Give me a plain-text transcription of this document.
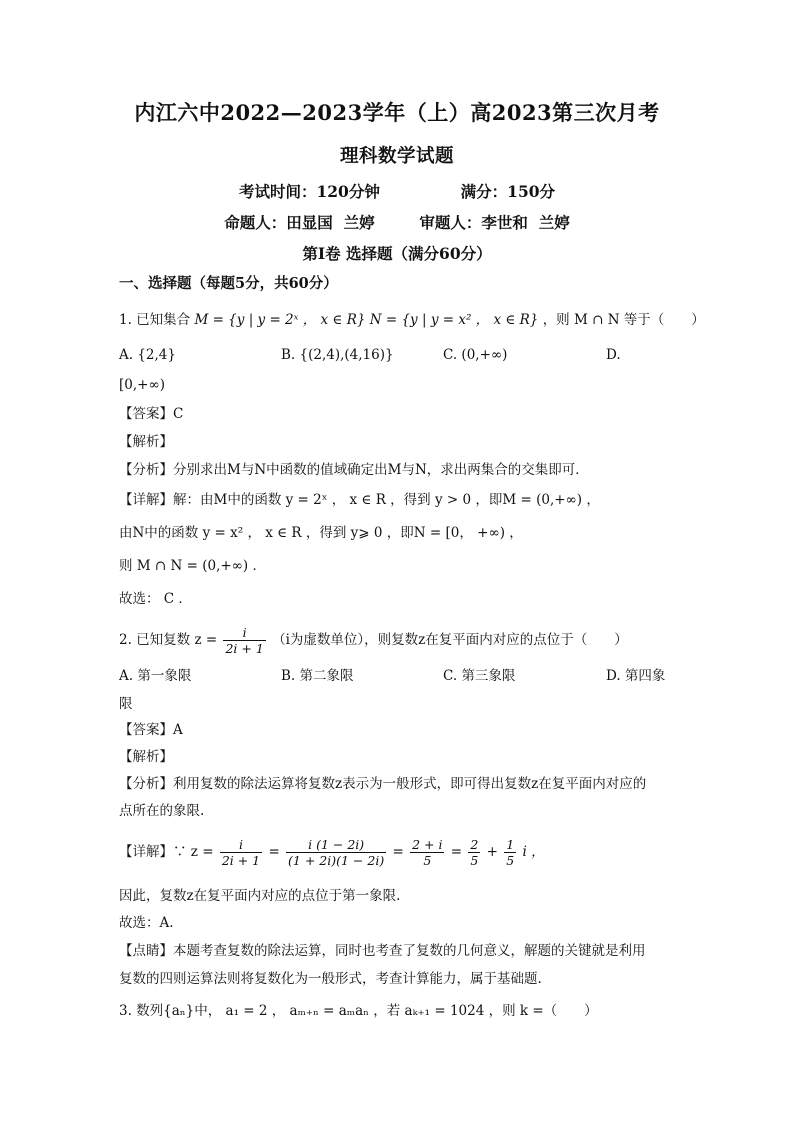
内江六中2022—2023学年（上）高2023第三次月考
理科数学试题
考试时间：120分钟	满分：150分
命题人：田显国  兰婷	审题人：李世和  兰婷
第Ⅰ卷 选择题（满分60分）
一、选择题（每题5分，共60分）
1. 已知集合 M = {y | y = 2ˣ ， x ∈ R} N = {y | y = x² ， x ∈ R} ，则 M ∩ N 等于（　　）
A. {2,4}	B. {(2,4),(4,16)}	C. (0,+∞)	D.
[0,+∞)
【答案】C
【解析】
【分析】分别求出M与N中函数的值域确定出M与N，求出两集合的交集即可．
【详解】解：由M中的函数 y = 2ˣ ， x ∈ R ，得到 y > 0 ，即M = (0,+∞) ，
由N中的函数 y = x² ， x ∈ R ，得到 y⩾ 0 ，即N = [0， +∞) ，
则 M ∩ N = (0,+∞) ．
故选： C ．
2. 已知复数 $z = \frac{i}{2i + 1} (i$为虚数单位），则复数z在复平面内对应的点位于（　　）
A. 第一象限	B. 第二象限	C. 第三象限	D. 第四象
限
【答案】A
【解析】
【分析】利用复数的除法运算将复数z表示为一般形式，即可得出复数z在复平面内对应的
点所在的象限.
【详解】∵ $z = \frac{i}{2i + 1} = \frac{i (1 - 2i)}{(1 + 2i)(1 - 2i)} = \frac{2 + i}{5} = \frac{2}{5} + \frac{1}{5}$ i ，
因此，复数z在复平面内对应的点位于第一象限.
故选：A.
【点睛】本题考查复数的除法运算，同时也考查了复数的几何意义，解题的关键就是利用
复数的四则运算法则将复数化为一般形式，考查计算能力，属于基础题.
3. 数列{aₙ}中， a₁ = 2 ， aₘ₊ₙ = aₘaₙ ，若 aₖ₊₁ = 1024 ，则 k =（　　）
